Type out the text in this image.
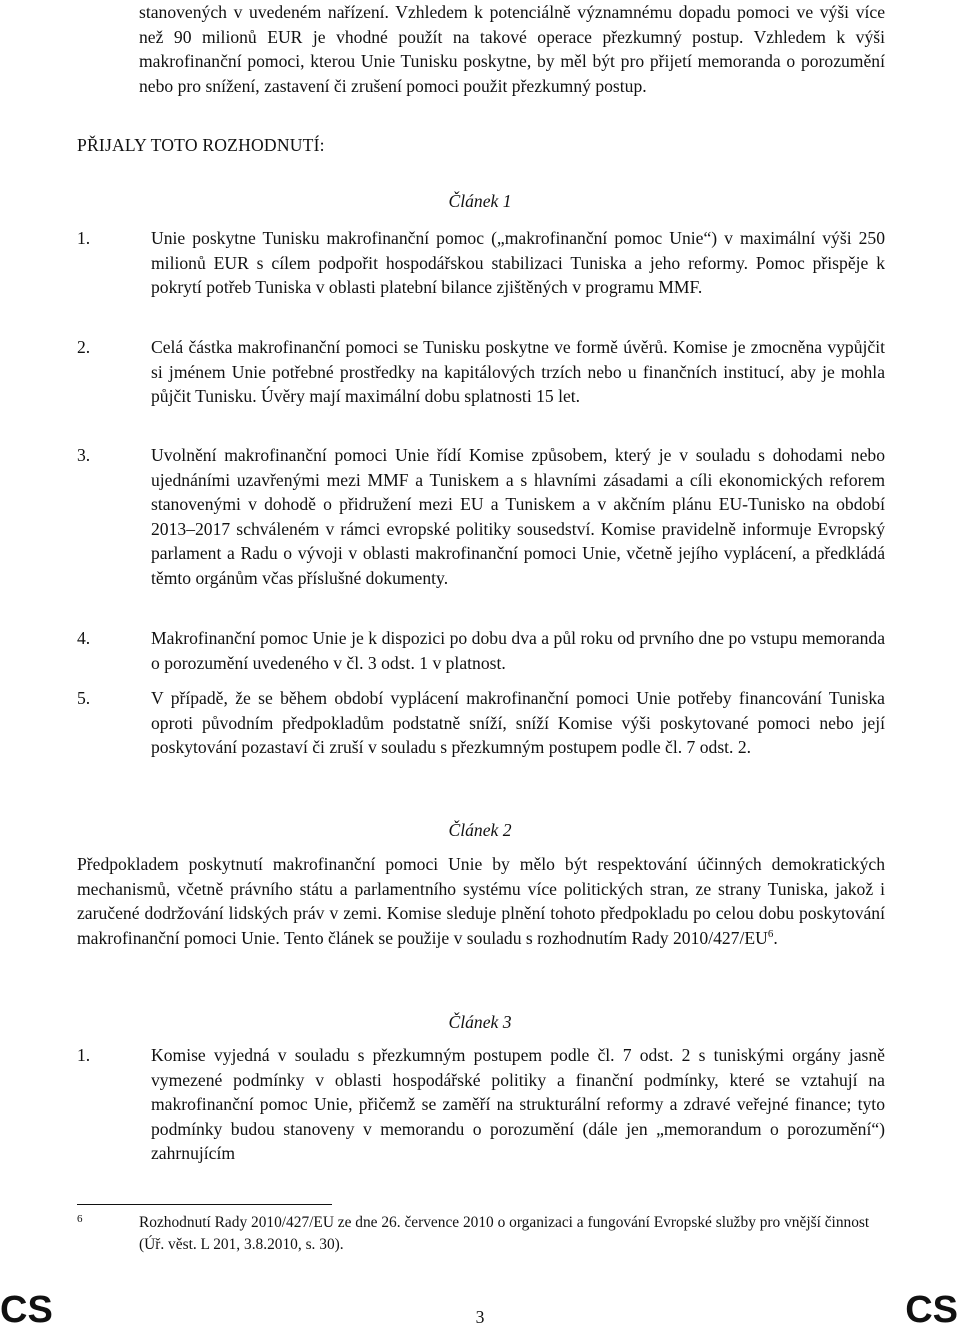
stanovených v uvedeném nařízení. Vzhledem k potenciálně významnému dopadu pomoci ve výši více než 90 milionů EUR je vhodné použít na takové operace přezkumný postup. Vzhledem k výši makrofinanční pomoci, kterou Unie Tunisku poskytne, by měl být pro přijetí memoranda o porozumění nebo pro snížení, zastavení či zrušení pomoci použit přezkumný postup.
PŘIJALY TOTO ROZHODNUTÍ:
Článek 1
1.	Unie poskytne Tunisku makrofinanční pomoc („makrofinanční pomoc Unie“) v maximální výši 250 milionů EUR s cílem podpořit hospodářskou stabilizaci Tuniska a jeho reformy. Pomoc přispěje k pokrytí potřeb Tuniska v oblasti platební bilance zjištěných v programu MMF.
2.	Celá částka makrofinanční pomoci se Tunisku poskytne ve formě úvěrů. Komise je zmocněna vypůjčit si jménem Unie potřebné prostředky na kapitálových trzích nebo u finančních institucí, aby je mohla půjčit Tunisku. Úvěry mají maximální dobu splatnosti 15 let.
3.	Uvolnění makrofinanční pomoci Unie řídí Komise způsobem, který je v souladu s dohodami nebo ujednáními uzavřenými mezi MMF a Tuniskem a s hlavními zásadami a cíli ekonomických reforem stanovenými v dohodě o přidružení mezi EU a Tuniskem a v akčním plánu EU-Tunisko na období 2013–2017 schváleném v rámci evropské politiky sousedství. Komise pravidelně informuje Evropský parlament a Radu o vývoji v oblasti makrofinanční pomoci Unie, včetně jejího vyplácení, a předkládá těmto orgánům včas příslušné dokumenty.
4.	Makrofinanční pomoc Unie je k dispozici po dobu dva a půl roku od prvního dne po vstupu memoranda o porozumění uvedeného v čl. 3 odst. 1 v platnost.
5.	V případě, že se během období vyplácení makrofinanční pomoci Unie potřeby financování Tuniska oproti původním předpokladům podstatně sníží, sníží Komise výši poskytované pomoci nebo její poskytování pozastaví či zruší v souladu s přezkumným postupem podle čl. 7 odst. 2.
Článek 2
Předpokladem poskytnutí makrofinanční pomoci Unie by mělo být respektování účinných demokratických mechanismů, včetně právního státu a parlamentního systému více politických stran, ze strany Tuniska, jakož i zaručené dodržování lidských práv v zemi. Komise sleduje plnění tohoto předpokladu po celou dobu poskytování makrofinanční pomoci Unie. Tento článek se použije v souladu s rozhodnutím Rady $2010/427/EU^6$.
Článek 3
1.	Komise vyjedná v souladu s přezkumným postupem podle čl. 7 odst. 2 s tuniskými orgány jasně vymezené podmínky v oblasti hospodářské politiky a finanční podmínky, které se vztahují na makrofinanční pomoc Unie, přičemž se zaměří na strukturální reformy a zdravé veřejné finance; tyto podmínky budou stanoveny v memorandu o porozumění (dále jen „memorandum o porozumění“) zahrnujícím
6	Rozhodnutí Rady 2010/427/EU ze dne 26. července 2010 o organizaci a fungování Evropské služby pro vnější činnost (Úř. věst. L 201, 3.8.2010, s. 30).
CS	3	CS
